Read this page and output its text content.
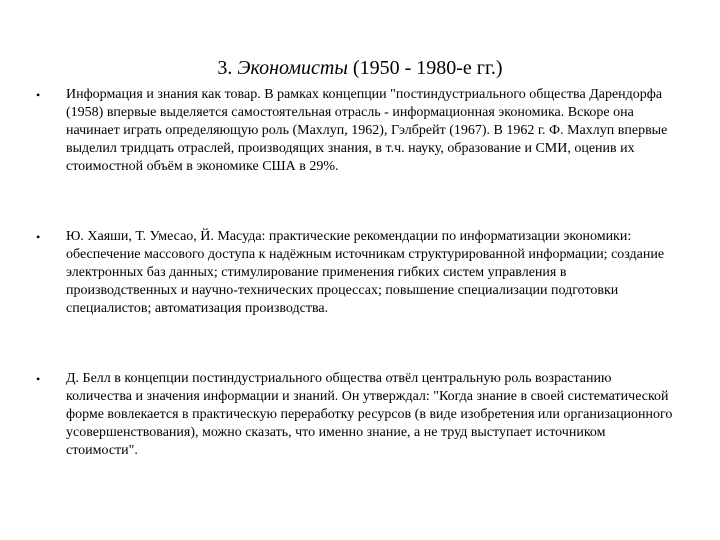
3. Экономисты (1950 - 1980-е гг.)
• Информация и знания как товар. В рамках концепции "постиндустриального общества Дарендорфа (1958) впервые выделяется самостоятельная отрасль - информационная экономика. Вскоре она начинает играть определяющую роль (Махлуп, 1962), Гэлбрейт (1967). В 1962 г. Ф. Махлуп впервые выделил тридцать отраслей, производящих знания, в т.ч. науку, образование и СМИ, оценив их стоимостной объём в экономике США в 29%.
• Ю. Хаяши, Т. Умесао, Й. Масуда: практические рекомендации по информатизации экономики: обеспечение массового доступа к надёжным источникам структурированной информации; создание электронных баз данных; стимулирование применения гибких систем управления в производственных и научно-технических процессах; повышение специализации подготовки специалистов; автоматизация производства.
• Д. Белл в концепции постиндустриального общества отвёл центральную роль возрастанию количества и значения информации и знаний. Он утверждал: "Когда знание в своей систематической форме вовлекается в практическую переработку ресурсов (в виде изобретения или организационного усовершенствования), можно сказать, что именно знание, а не труд выступает источником стоимости".
